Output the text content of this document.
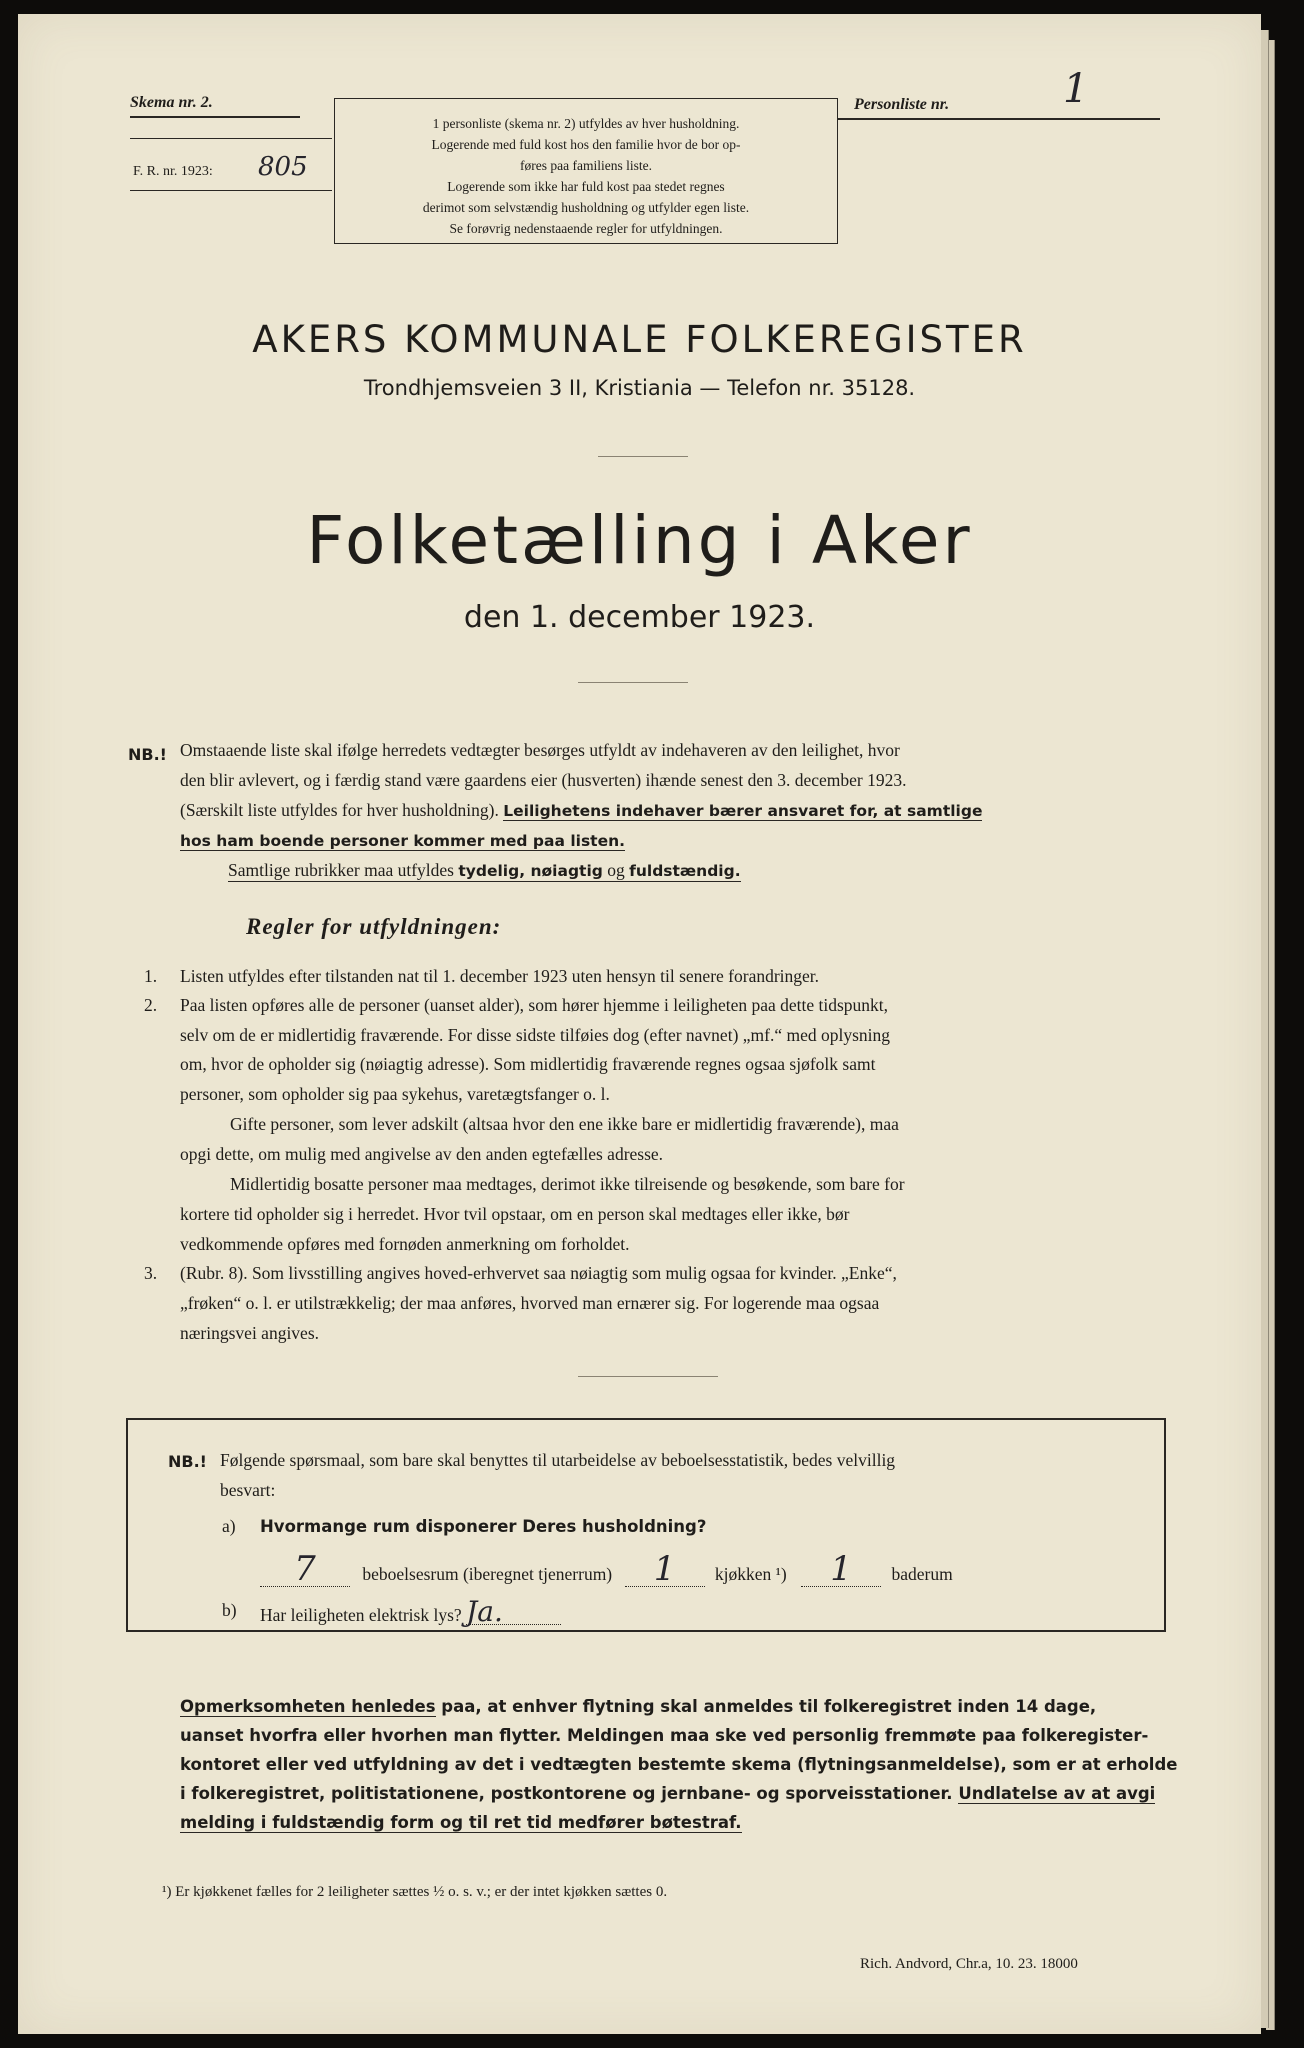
Skema nr. 2.
F. R. nr. 1923: 805
1 personliste (skema nr. 2) utfyldes av hver husholdning.
Logerende med fuld kost hos den familie hvor de bor op-
føres paa familiens liste.
Logerende som ikke har fuld kost paa stedet regnes
derimot som selvstændig husholdning og utfylder egen liste.
Se forøvrig nedenstaaende regler for utfyldningen.
Personliste nr.	1
AKERS KOMMUNALE FOLKEREGISTER
Trondhjemsveien 3 II, Kristiania — Telefon nr. 35128.
Folketælling i Aker
den 1. december 1923.
NB.! Omstaaende liste skal ifølge herredets vedtægter besørges utfyldt av indehaveren av den leilighet, hvor
den blir avlevert, og i færdig stand være gaardens eier (husverten) ihænde senest den 3. december 1923.
(Særskilt liste utfyldes for hver husholdning). Leilighetens indehaver bærer ansvaret for, at samtlige
hos ham boende personer kommer med paa listen.
Samtlige rubrikker maa utfyldes tydelig, nøiagtig og fuldstændig.
Regler for utfyldningen:
1. Listen utfyldes efter tilstanden nat til 1. december 1923 uten hensyn til senere forandringer.
2. Paa listen opføres alle de personer (uanset alder), som hører hjemme i leiligheten paa dette tidspunkt,
selv om de er midlertidig fraværende. For disse sidste tilføies dog (efter navnet) „mf.“ med oplysning
om, hvor de opholder sig (nøiagtig adresse). Som midlertidig fraværende regnes ogsaa sjøfolk samt
personer, som opholder sig paa sykehus, varetægtsfanger o. l.
Gifte personer, som lever adskilt (altsaa hvor den ene ikke bare er midlertidig fraværende), maa
opgi dette, om mulig med angivelse av den anden egtefælles adresse.
Midlertidig bosatte personer maa medtages, derimot ikke tilreisende og besøkende, som bare for
kortere tid opholder sig i herredet. Hvor tvil opstaar, om en person skal medtages eller ikke, bør
vedkommende opføres med fornøden anmerkning om forholdet.
3. (Rubr. 8). Som livsstilling angives hoved-erhvervet saa nøiagtig som mulig ogsaa for kvinder. „Enke“,
„frøken“ o. l. er utilstrækkelig; der maa anføres, hvorved man ernærer sig. For logerende maa ogsaa
næringsvei angives.
NB.! Følgende spørsmaal, som bare skal benyttes til utarbeidelse av beboelsesstatistik, bedes velvillig
besvart:
a) Hvormange rum disponerer Deres husholdning?
7	beboelsesrum (iberegnet tjenerrum) 1 kjøkken ¹) 1 baderum
b) Har leiligheten elektrisk lys? Ja.
Opmerksomheten henledes paa, at enhver flytning skal anmeldes til folkeregistret inden 14 dage,
uanset hvorfra eller hvorhen man flytter. Meldingen maa ske ved personlig fremmøte paa folkeregister-
kontoret eller ved utfyldning av det i vedtægten bestemte skema (flytningsanmeldelse), som er at erholde
i folkeregistret, politistationene, postkontorene og jernbane- og sporveisstationer. Undlatelse av at avgi
melding i fuldstændig form og til ret tid medfører bøtestraf.
¹) Er kjøkkenet fælles for 2 leiligheter sættes ½ o. s. v.; er der intet kjøkken sættes 0.
Rich. Andvord, Chr.a, 10. 23. 18000
